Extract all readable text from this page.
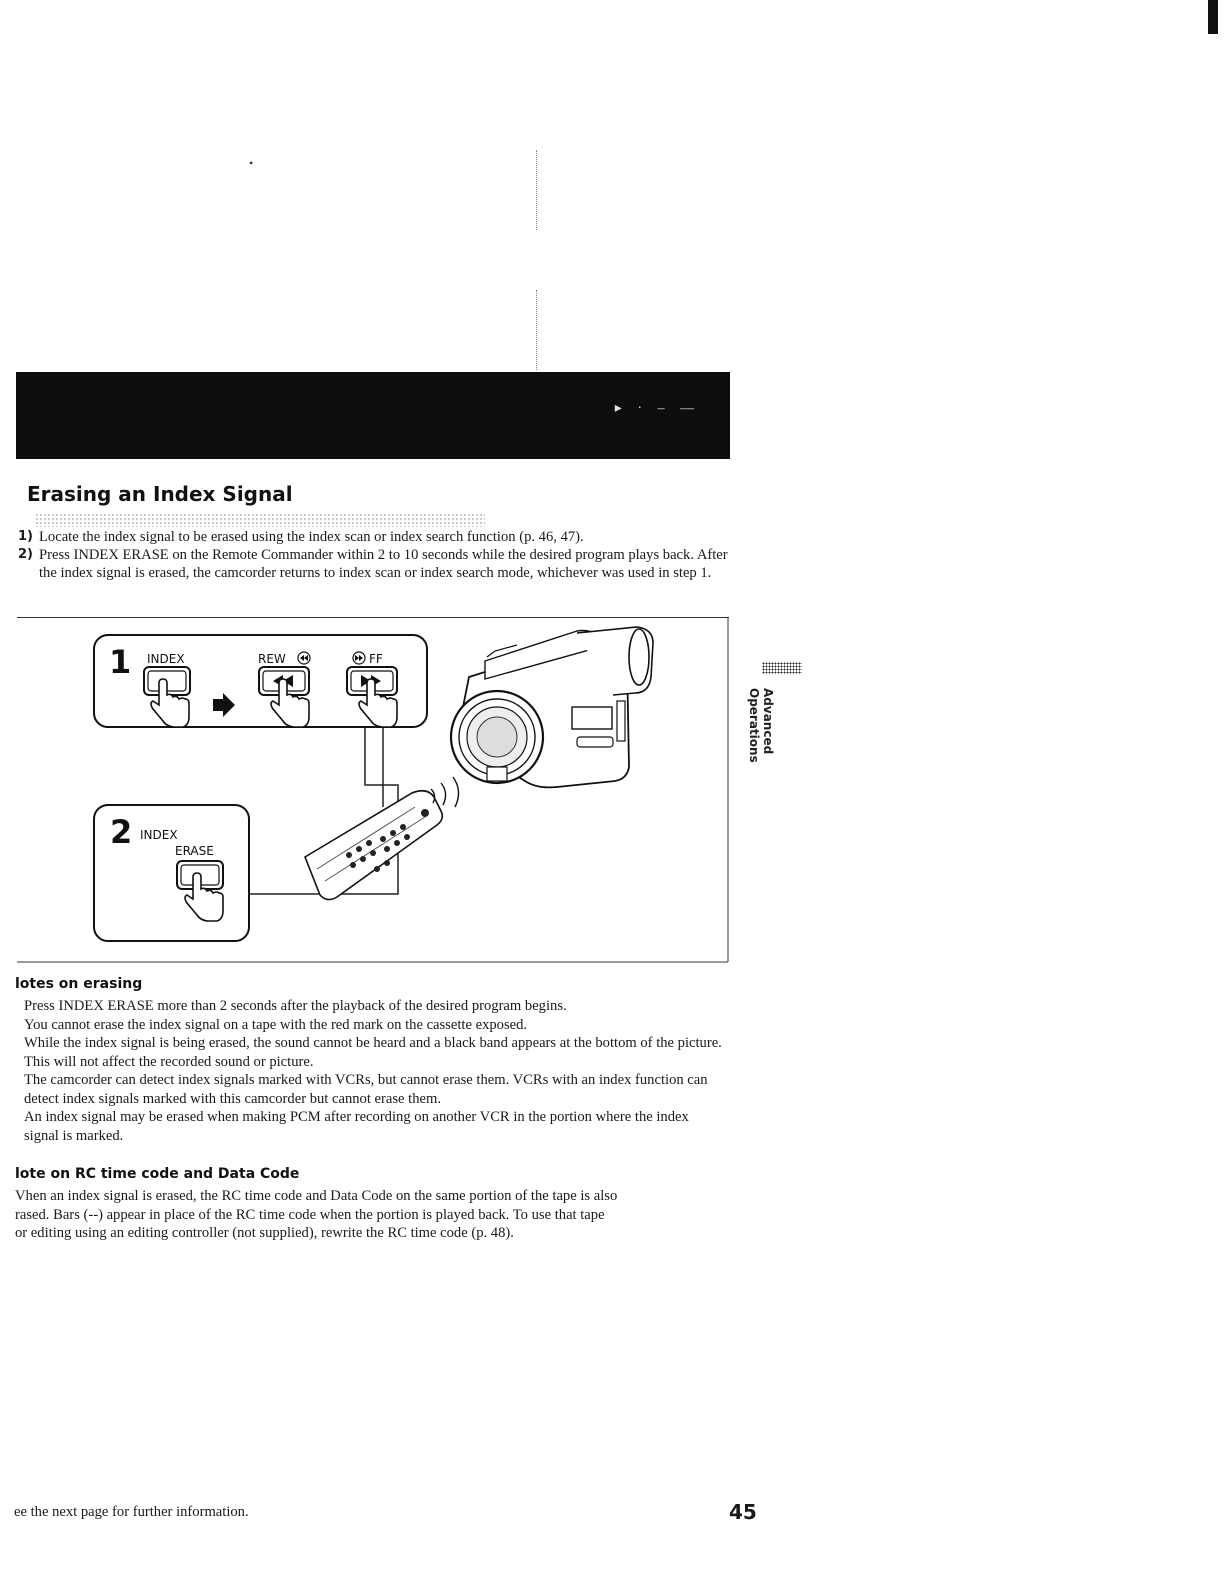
•
▸ · – —
Erasing an Index Signal
1) Locate the index signal to be erased using the index scan or index search function (p. 46, 47).
2) Press INDEX ERASE on the Remote Commander within 2 to 10 seconds while the desired program plays back. After the index signal is erased, the camcorder returns to index scan or index search mode, whichever was used in step 1.
1 INDEX	REW	FF
2 INDEX
ERASE
Advanced Operations
lotes on erasing
Press INDEX ERASE more than 2 seconds after the playback of the desired program begins.
You cannot erase the index signal on a tape with the red mark on the cassette exposed.
While the index signal is being erased, the sound cannot be heard and a black band appears at the bottom of the picture. This will not affect the recorded sound or picture.
The camcorder can detect index signals marked with VCRs, but cannot erase them. VCRs with an index function can detect index signals marked with this camcorder but cannot erase them.
An index signal may be erased when making PCM after recording on another VCR in the portion where the index signal is marked.
lote on RC time code and Data Code
Vhen an index signal is erased, the RC time code and Data Code on the same portion of the tape is also
rased. Bars (--) appear in place of the RC time code when the portion is played back. To use that tape
or editing using an editing controller (not supplied), rewrite the RC time code (p. 48).
ee the next page for further information.	45
